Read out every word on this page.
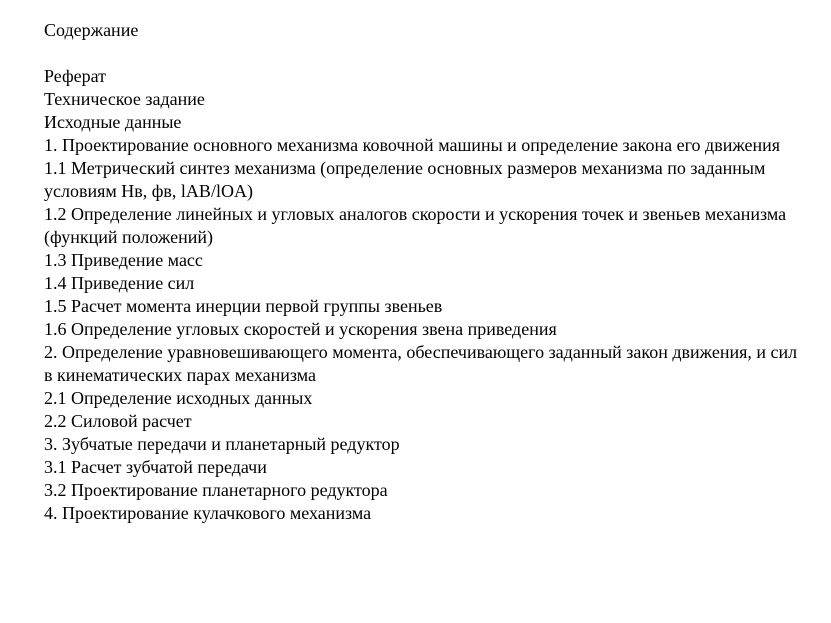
Содержание
Реферат
Техническое задание
Исходные данные
1. Проектирование основного механизма ковочной машины и определение закона его движения
1.1 Метрический синтез механизма (определение основных размеров механизма по заданным условиям Нв, фв, lAB/lOA)
1.2 Определение линейных и угловых аналогов скорости и ускорения точек и звеньев механизма (функций положений)
1.3 Приведение масс
1.4 Приведение сил
1.5 Расчет момента инерции первой группы звеньев
1.6 Определение угловых скоростей и ускорения звена приведения
2. Определение уравновешивающего момента, обеспечивающего заданный закон движения, и сил в кинематических парах механизма
2.1 Определение исходных данных
2.2 Силовой расчет
3. Зубчатые передачи и планетарный редуктор
3.1 Расчет зубчатой передачи
3.2 Проектирование планетарного редуктора
4. Проектирование кулачкового механизма
